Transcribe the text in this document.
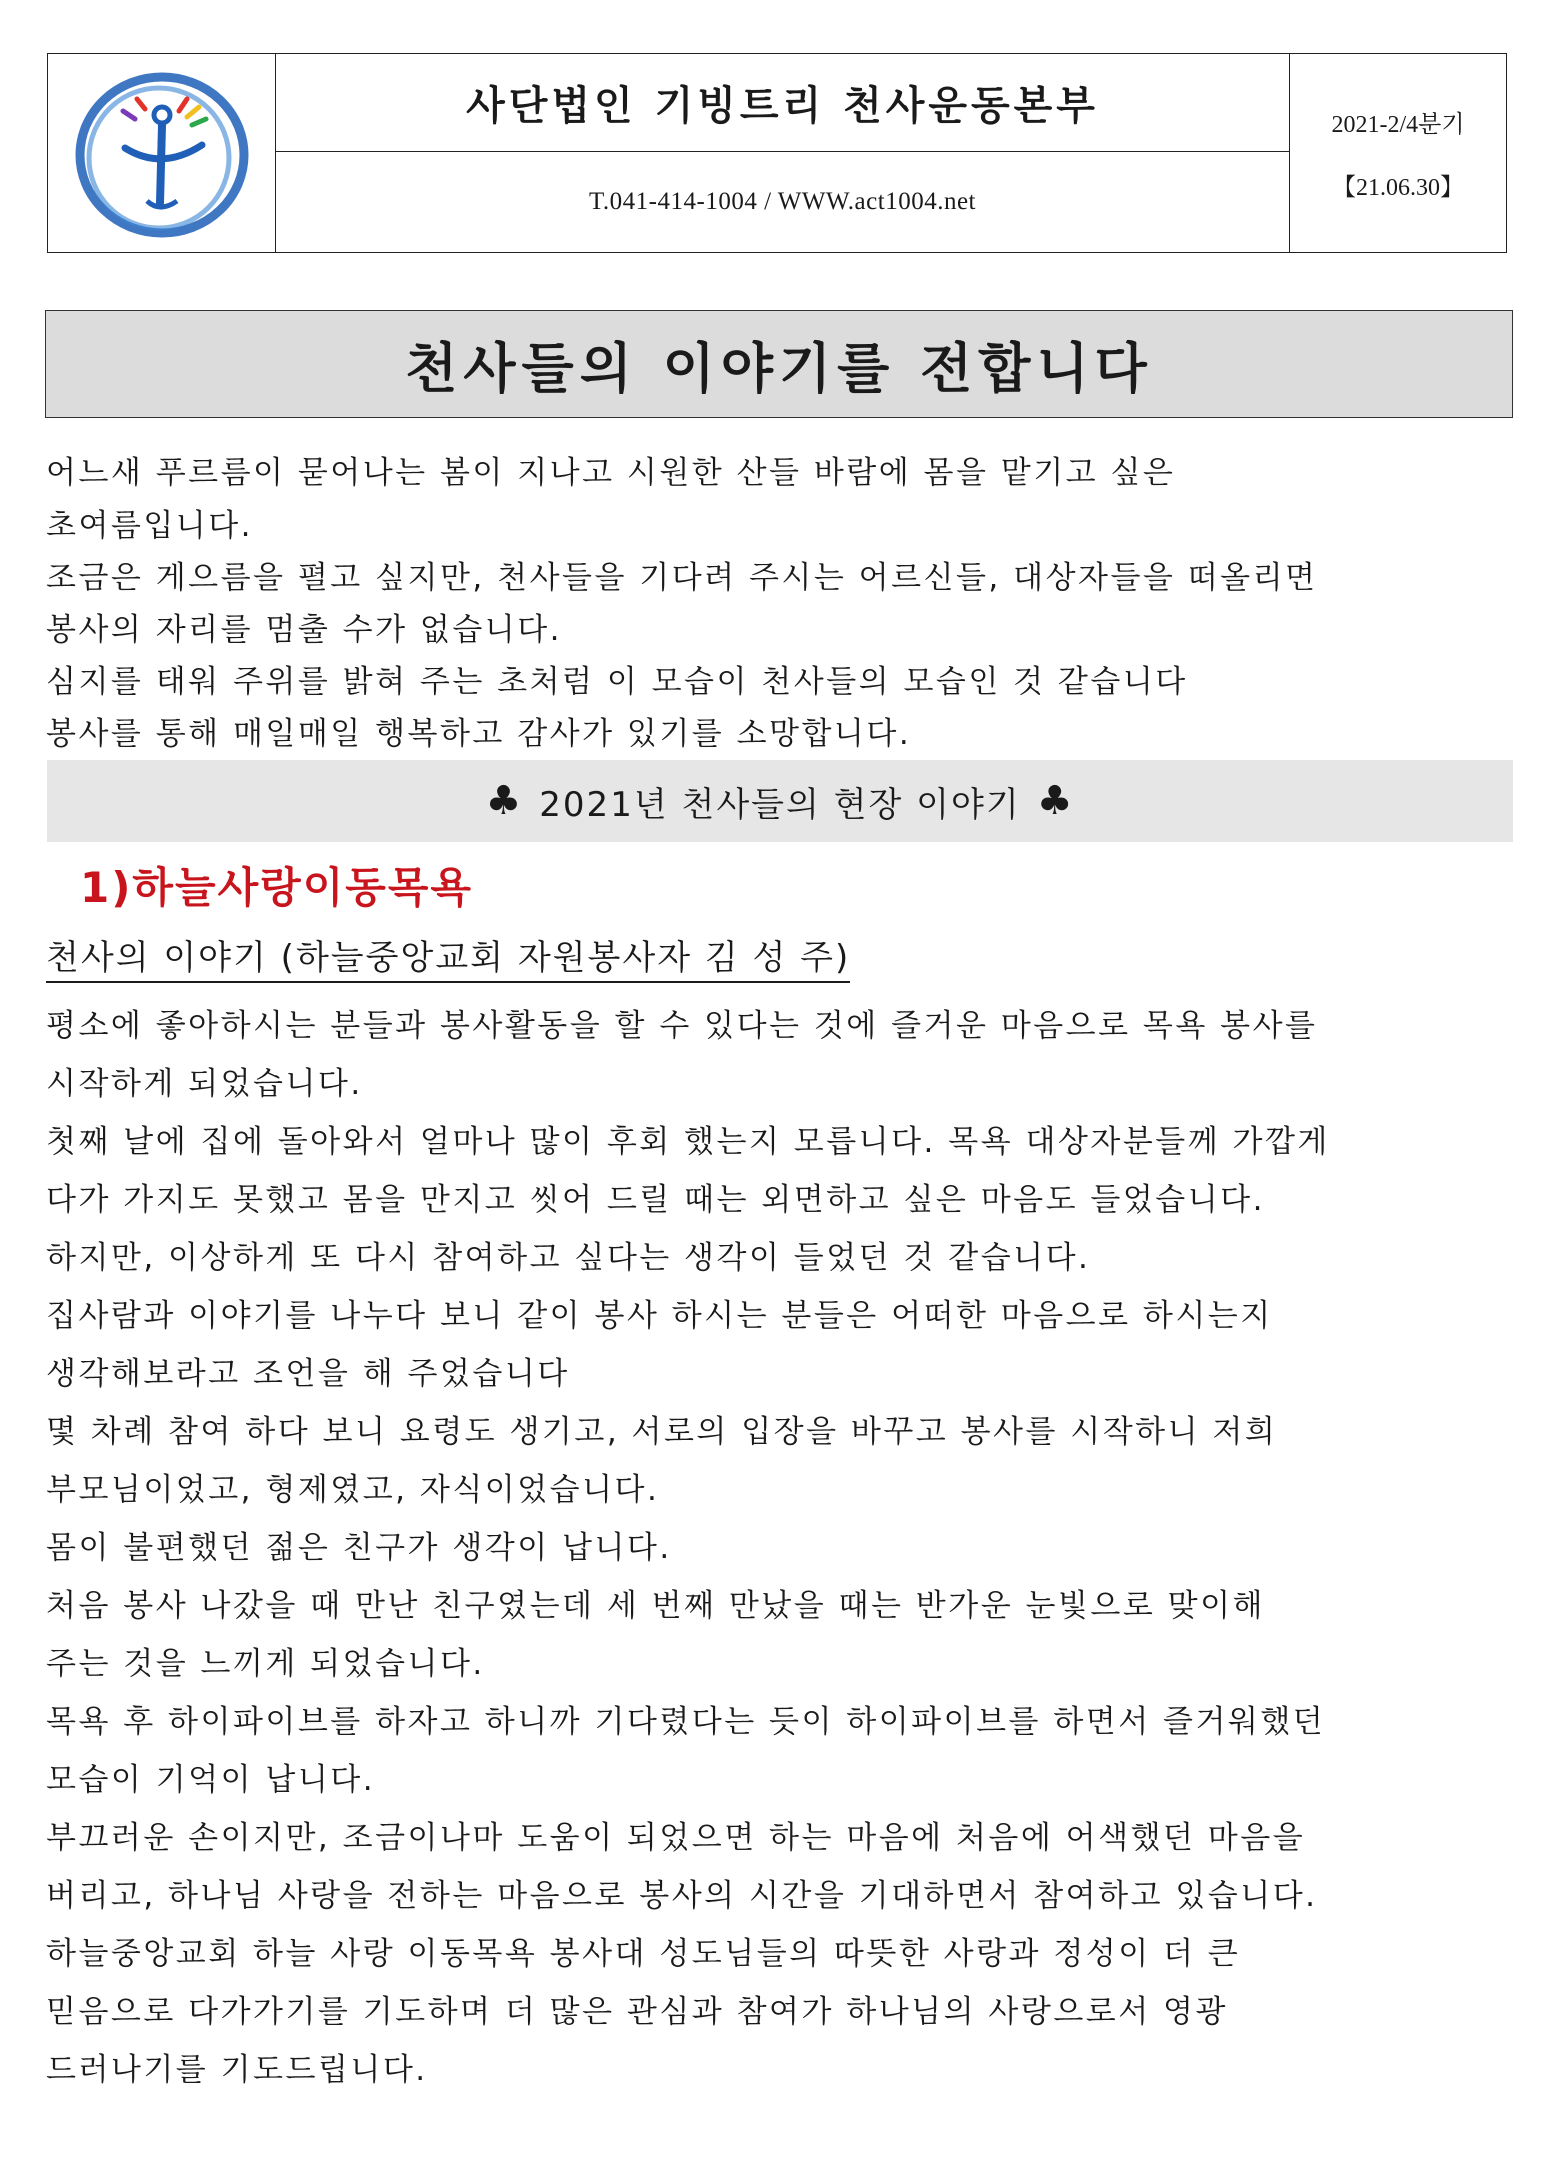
사단법인 기빙트리 천사운동본부
T.041-414-1004 / WWW.act1004.net
2021-2/4분기
【21.06.30】
천사들의 이야기를 전합니다
어느새 푸르름이 묻어나는 봄이 지나고 시원한 산들 바람에 몸을 맡기고 싶은
초여름입니다.
조금은 게으름을 펼고 싶지만, 천사들을 기다려 주시는 어르신들, 대상자들을 떠올리면
봉사의 자리를 멈출 수가 없습니다.
심지를 태워 주위를 밝혀 주는 초처럼 이 모습이 천사들의 모습인 것 같습니다
봉사를 통해 매일매일 행복하고 감사가 있기를 소망합니다.
♣ 2021년 천사들의 현장 이야기 ♣
1)하늘사랑이동목욕
천사의 이야기 (하늘중앙교회 자원봉사자 김 성 주)
평소에 좋아하시는 분들과 봉사활동을 할 수 있다는 것에 즐거운 마음으로 목욕 봉사를
시작하게 되었습니다.
첫째 날에 집에 돌아와서 얼마나 많이 후회 했는지 모릅니다. 목욕 대상자분들께 가깝게
다가 가지도 못했고 몸을 만지고 씻어 드릴 때는 외면하고 싶은 마음도 들었습니다.
하지만, 이상하게 또 다시 참여하고 싶다는 생각이 들었던 것 같습니다.
집사람과 이야기를 나누다 보니 같이 봉사 하시는 분들은 어떠한 마음으로 하시는지
생각해보라고 조언을 해 주었습니다
몇 차례 참여 하다 보니 요령도 생기고, 서로의 입장을 바꾸고 봉사를 시작하니 저희
부모님이었고, 형제였고, 자식이었습니다.
몸이 불편했던 젊은 친구가 생각이 납니다.
처음 봉사 나갔을 때 만난 친구였는데 세 번째 만났을 때는 반가운 눈빛으로 맞이해
주는 것을 느끼게 되었습니다.
목욕 후 하이파이브를 하자고 하니까 기다렸다는 듯이 하이파이브를 하면서 즐거워했던
모습이 기억이 납니다.
부끄러운 손이지만, 조금이나마 도움이 되었으면 하는 마음에 처음에 어색했던 마음을
버리고, 하나님 사랑을 전하는 마음으로 봉사의 시간을 기대하면서 참여하고 있습니다.
하늘중앙교회 하늘 사랑 이동목욕 봉사대 성도님들의 따뜻한 사랑과 정성이 더 큰
믿음으로 다가가기를 기도하며 더 많은 관심과 참여가 하나님의 사랑으로서 영광
드러나기를 기도드립니다.
